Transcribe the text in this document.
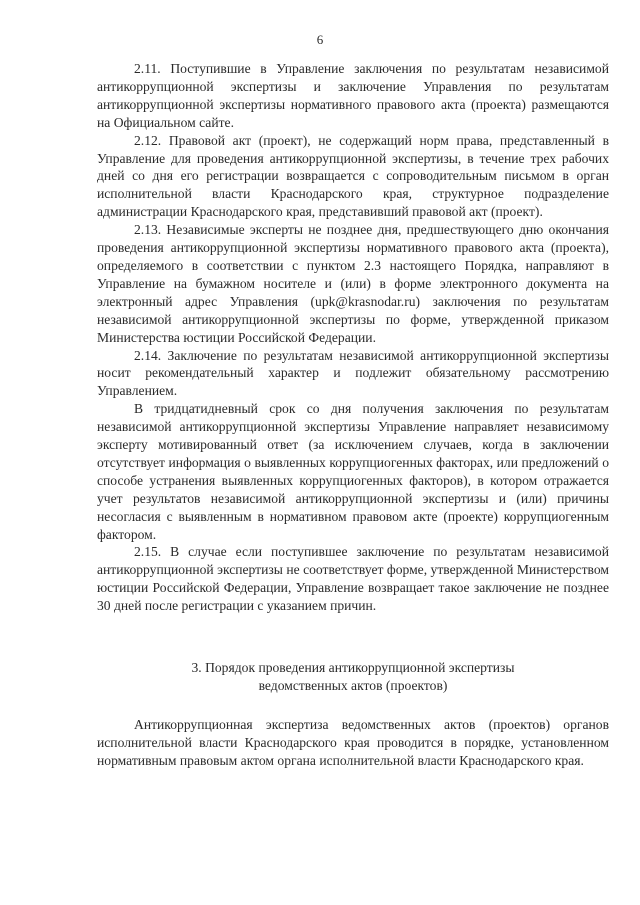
6

2.11. Поступившие в Управление заключения по результатам независимой антикоррупционной экспертизы и заключение Управления по результатам антикоррупционной экспертизы нормативного правового акта (проекта) размещаются на Официальном сайте.

2.12. Правовой акт (проект), не содержащий норм права, представленный в Управление для проведения антикоррупционной экспертизы, в течение трех рабочих дней со дня его регистрации возвращается с сопроводительным письмом в орган исполнительной власти Краснодарского края, структурное подразделение администрации Краснодарского края, представивший правовой акт (проект).

2.13. Независимые эксперты не позднее дня, предшествующего дню окончания проведения антикоррупционной экспертизы нормативного правового акта (проекта), определяемого в соответствии с пунктом 2.3 настоящего Порядка, направляют в Управление на бумажном носителе и (или) в форме электронного документа на электронный адрес Управления (upk@krasnodar.ru) заключения по результатам независимой антикоррупционной экспертизы по форме, утвержденной приказом Министерства юстиции Российской Федерации.

2.14. Заключение по результатам независимой антикоррупционной экспертизы носит рекомендательный характер и подлежит обязательному рассмотрению Управлением.

В тридцатидневный срок со дня получения заключения по результатам независимой антикоррупционной экспертизы Управление направляет независимому эксперту мотивированный ответ (за исключением случаев, когда в заключении отсутствует информация о выявленных коррупциогенных факторах, или предложений о способе устранения выявленных коррупциогенных факторов), в котором отражается учет результатов независимой антикоррупционной экспертизы и (или) причины несогласия с выявленным в нормативном правовом акте (проекте) коррупциогенным фактором.

2.15. В случае если поступившее заключение по результатам независимой антикоррупционной экспертизы не соответствует форме, утвержденной Министерством юстиции Российской Федерации, Управление возвращает такое заключение не позднее 30 дней после регистрации с указанием причин.

3. Порядок проведения антикоррупционной экспертизы
ведомственных актов (проектов)

Антикоррупционная экспертиза ведомственных актов (проектов) органов исполнительной власти Краснодарского края проводится в порядке, установленном нормативным правовым актом органа исполнительной власти Краснодарского края.
